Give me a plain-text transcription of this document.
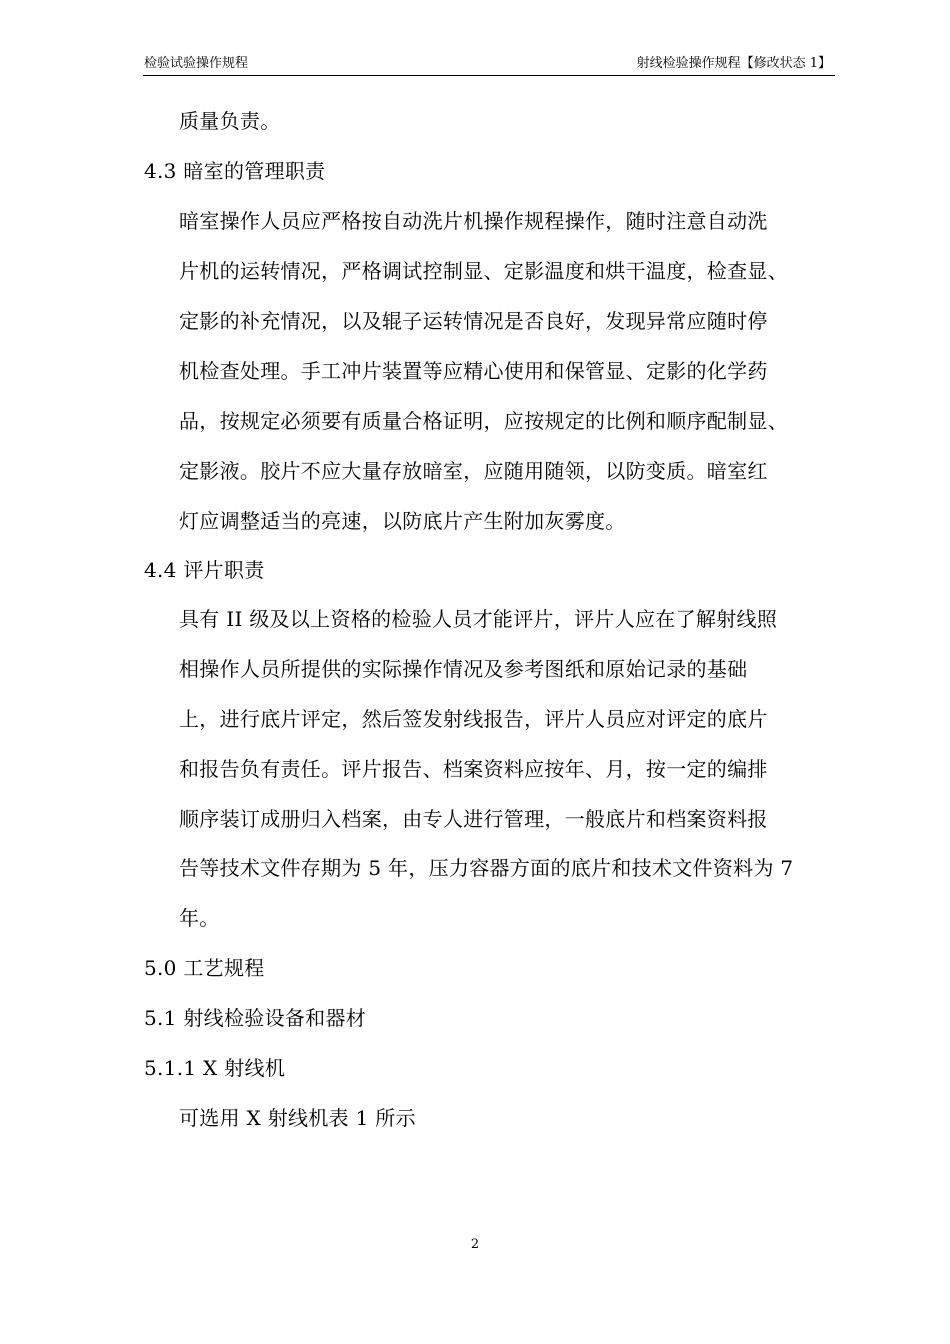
检验试验操作规程	射线检验操作规程【修改状态 1】
质量负责。
4.3 暗室的管理职责
暗室操作人员应严格按自动洗片机操作规程操作，随时注意自动洗
片机的运转情况，严格调试控制显、定影温度和烘干温度，检查显、
定影的补充情况，以及辊子运转情况是否良好，发现异常应随时停
机检查处理。手工冲片装置等应精心使用和保管显、定影的化学药
品，按规定必须要有质量合格证明，应按规定的比例和顺序配制显、
定影液。胶片不应大量存放暗室，应随用随领，以防变质。暗室红
灯应调整适当的亮速，以防底片产生附加灰雾度。
4.4 评片职责
具有 II 级及以上资格的检验人员才能评片，评片人应在了解射线照
相操作人员所提供的实际操作情况及参考图纸和原始记录的基础
上，进行底片评定，然后签发射线报告，评片人员应对评定的底片
和报告负有责任。评片报告、档案资料应按年、月，按一定的编排
顺序装订成册归入档案，由专人进行管理，一般底片和档案资料报
告等技术文件存期为 5 年，压力容器方面的底片和技术文件资料为 7
年。
5.0 工艺规程
5.1 射线检验设备和器材
5.1.1 X 射线机
可选用 X 射线机表 1 所示
2
